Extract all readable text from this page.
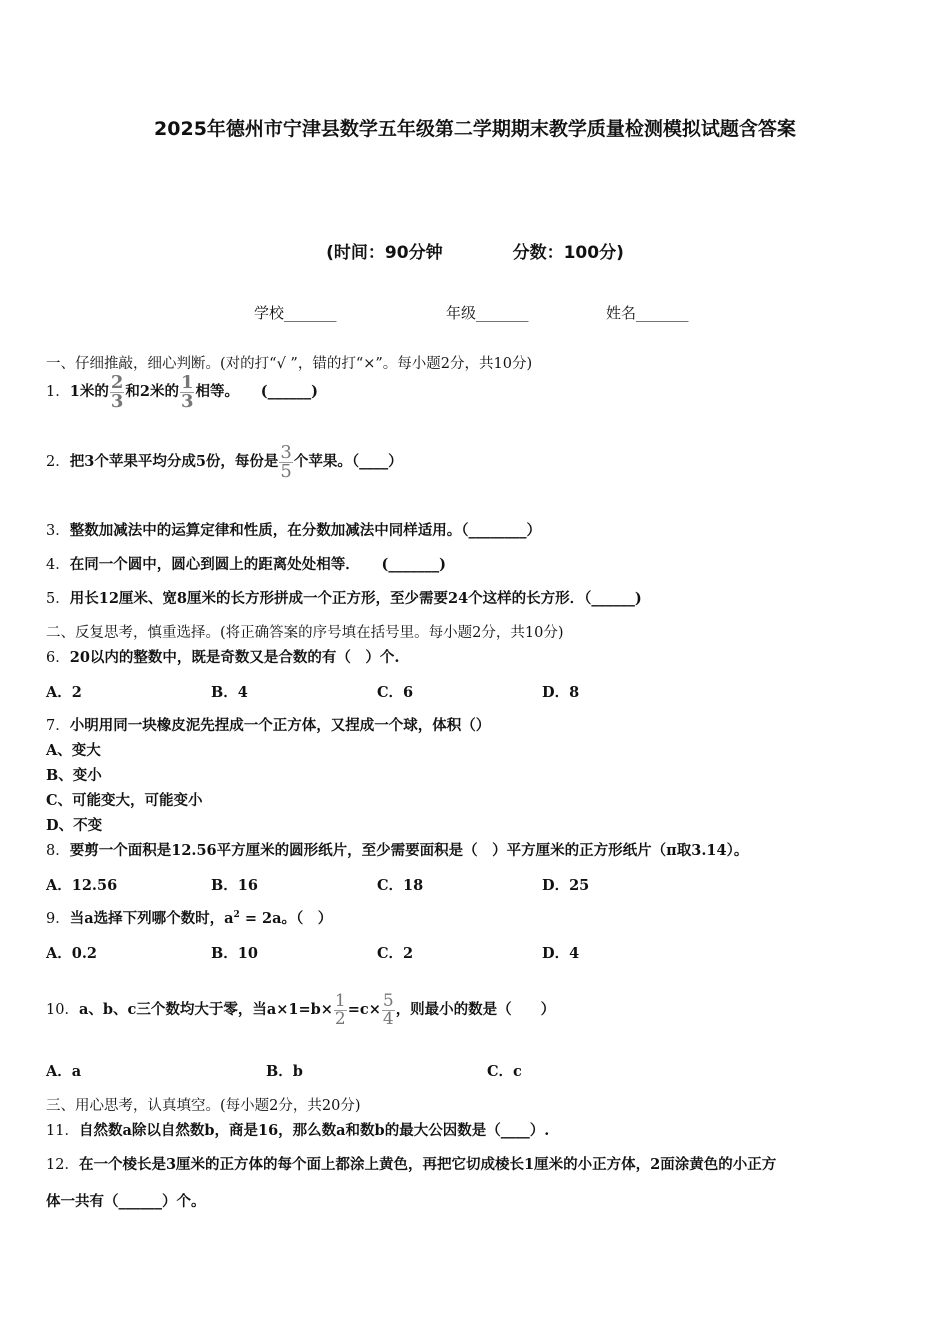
2025年德州市宁津县数学五年级第二学期期末教学质量检测模拟试题含答案
(时间：90分钟	分数：100分)
学校_______	年级_______	姓名_______
一、仔细推敲，细心判断。(对的打“√ ”，错的打“×”。每小题2分，共10分)
1．1米的 $\frac{2}{3}$ 和2米的 $\frac{1}{3}$ 相等。　　(______)
2．把3个苹果平均分成5份，每份是 $\frac{3}{5}$ 个苹果。（____）
3．整数加减法中的运算定律和性质，在分数加减法中同样适用。（________）
4．在同一个圆中，圆心到圆上的距离处处相等．　　(_______)
5．用长12厘米、宽8厘米的长方形拼成一个正方形，至少需要24个这样的长方形．（______)
二、反复思考，慎重选择。(将正确答案的序号填在括号里。每小题2分，共10分)
6．20以内的整数中，既是奇数又是合数的有（　）个.
A．2	B．4	C．6	D．8
7．小明用同一块橡皮泥先捏成一个正方体，又捏成一个球，体积（）
A、变大
B、变小
C、可能变大，可能变小
D、不变
8．要剪一个面积是12.56平方厘米的圆形纸片，至少需要面积是（　）平方厘米的正方形纸片（π取3.14）。
A．12.56	B．16	C．18	D．25
9．当a选择下列哪个数时，$a^2 = 2a$。（　）
A．0.2	B．10	C．2	D．4
10．a、b、c三个数均大于零，当$a\times 1=b\times \frac{1}{2} =c\times \frac{5}{4}$ ，则最小的数是（　　）
A．a	B．b	C．c
三、用心思考，认真填空。(每小题2分，共20分)
11．自然数a除以自然数b，商是16，那么数a和数b的最大公因数是（____）.
12．在一个棱长是3厘米的正方体的每个面上都涂上黄色，再把它切成棱长1厘米的小正方体，2面涂黄色的小正方
体一共有（______）个。
